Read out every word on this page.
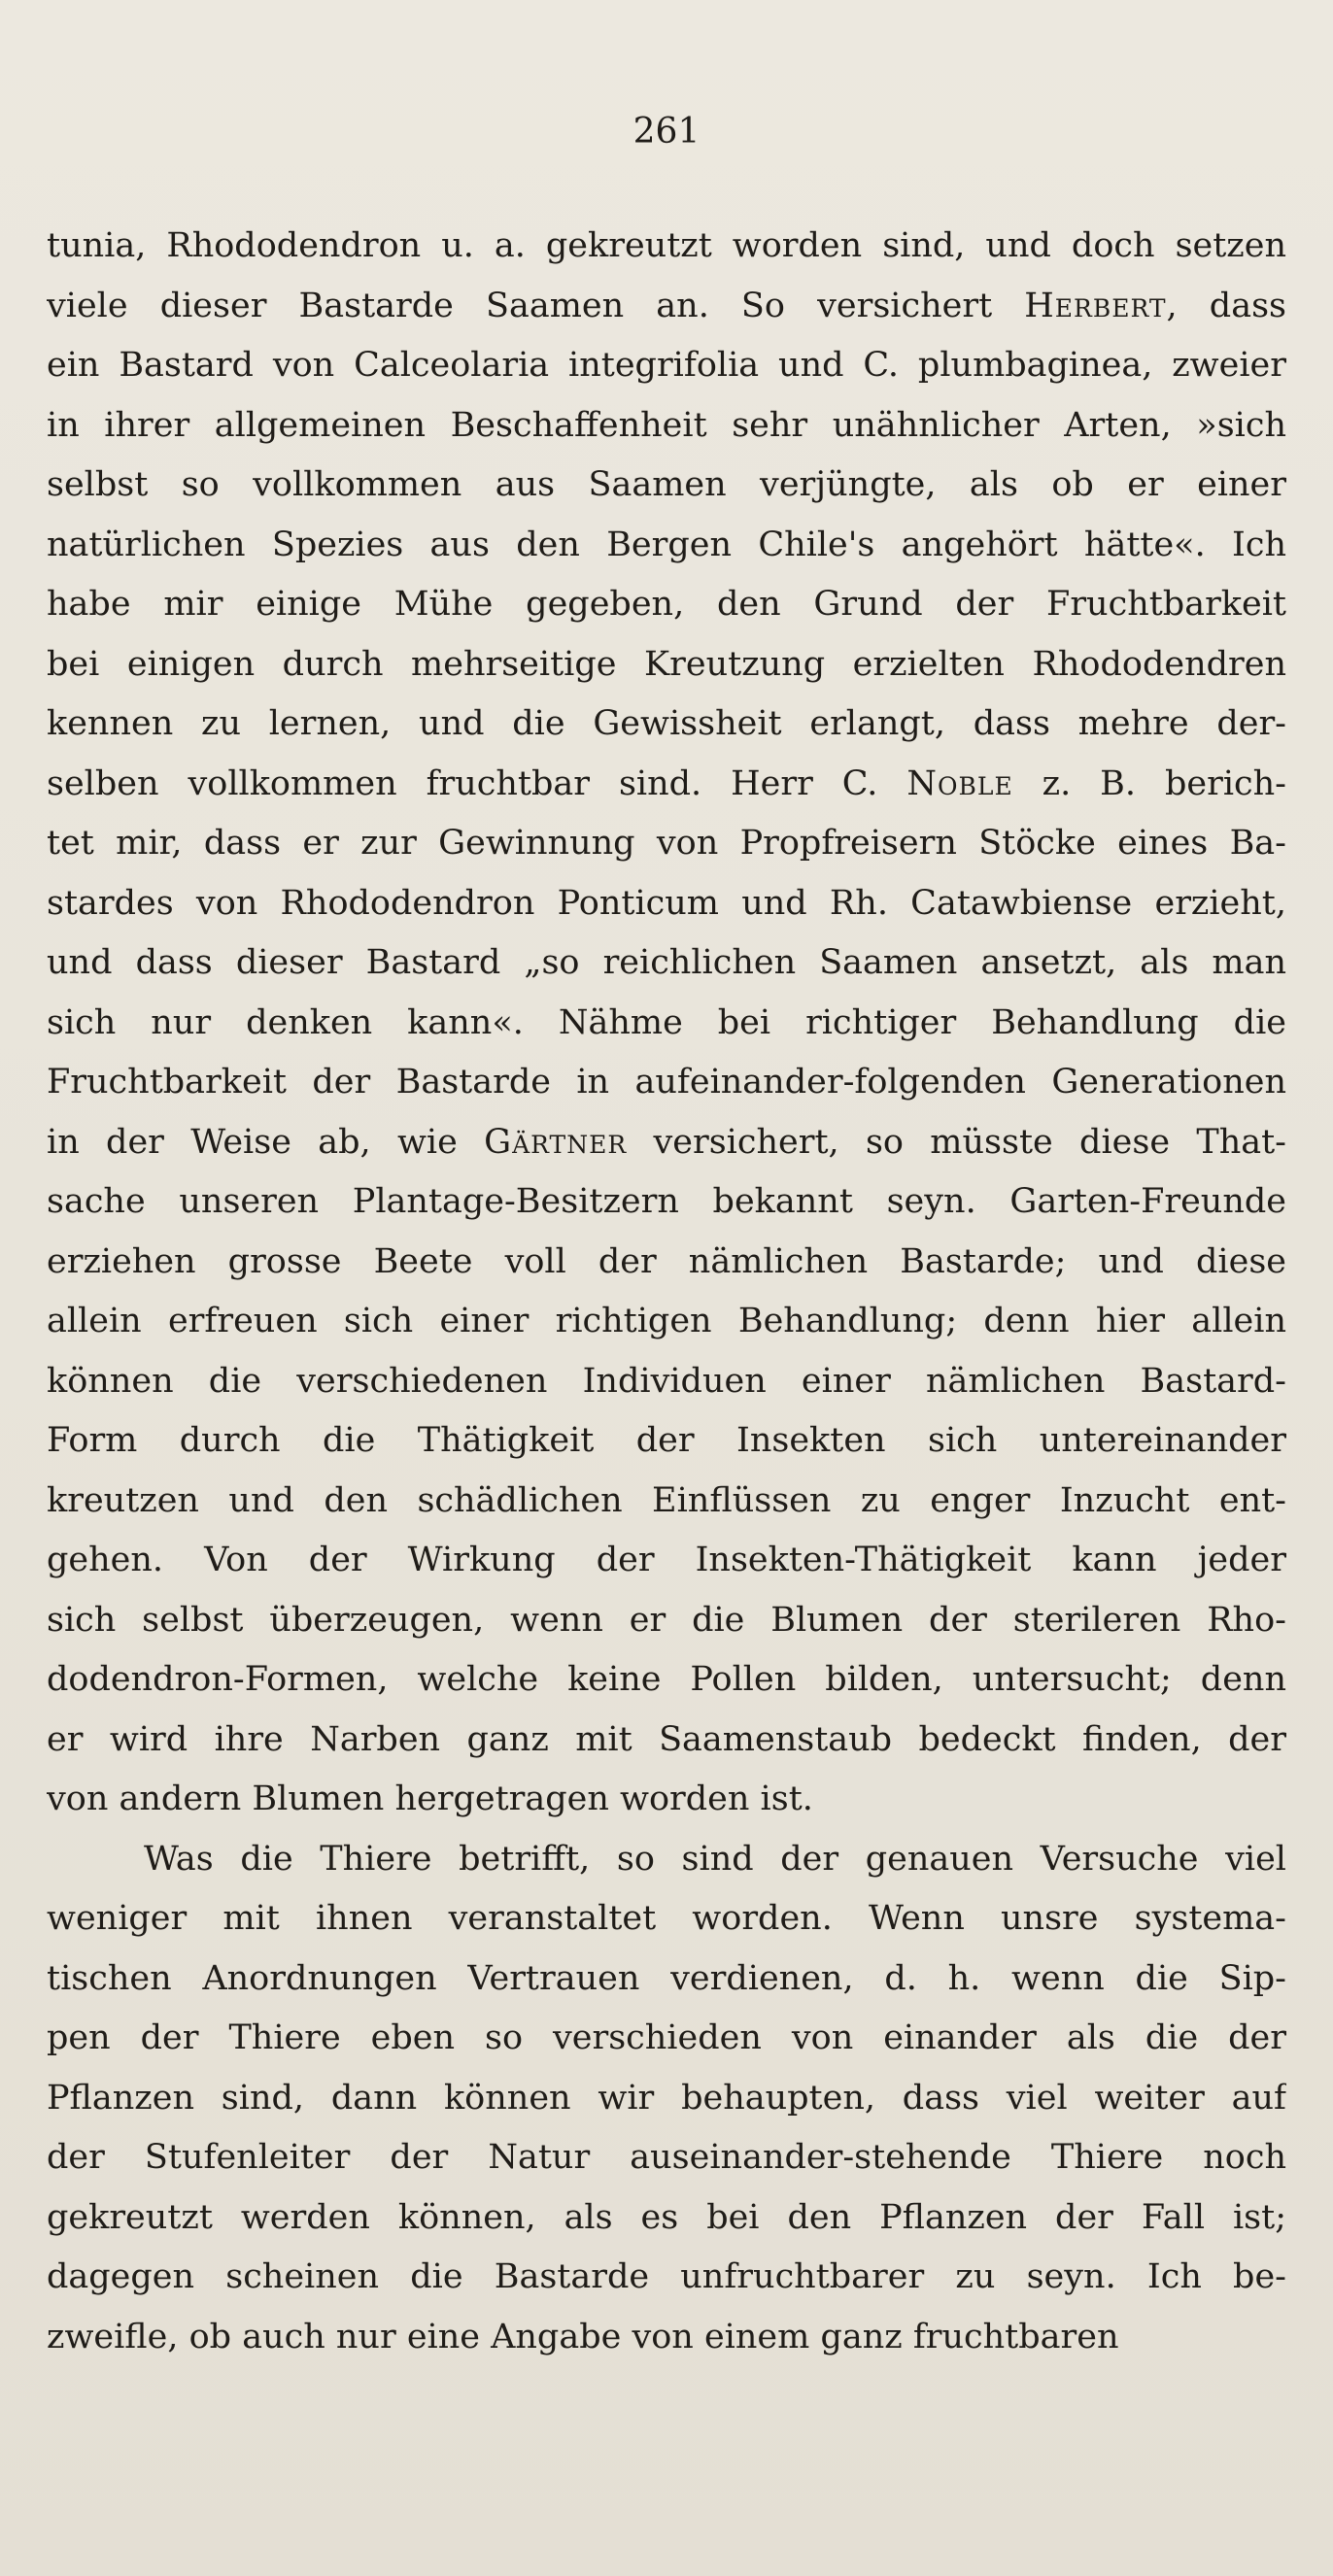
261
tunia, Rhododendron u. a. gekreutzt worden sind, und doch setzen
viele dieser Bastarde Saamen an. So versichert Herbert, dass
ein Bastard von Calceolaria integrifolia und C. plumbaginea, zweier
in ihrer allgemeinen Beschaffenheit sehr unähnlicher Arten, »sich
selbst so vollkommen aus Saamen verjüngte, als ob er einer
natürlichen Spezies aus den Bergen Chile's angehört hätte«. Ich
habe mir einige Mühe gegeben, den Grund der Fruchtbarkeit
bei einigen durch mehrseitige Kreutzung erzielten Rhododendren
kennen zu lernen, und die Gewissheit erlangt, dass mehre der-
selben vollkommen fruchtbar sind. Herr C. Noble z. B. berich-
tet mir, dass er zur Gewinnung von Propfreisern Stöcke eines Ba-
stardes von Rhododendron Ponticum und Rh. Catawbiense erzieht,
und dass dieser Bastard „so reichlichen Saamen ansetzt, als man
sich nur denken kann«. Nähme bei richtiger Behandlung die
Fruchtbarkeit der Bastarde in aufeinander-folgenden Generationen
in der Weise ab, wie Gärtner versichert, so müsste diese That-
sache unseren Plantage-Besitzern bekannt seyn. Garten-Freunde
erziehen grosse Beete voll der nämlichen Bastarde; und diese
allein erfreuen sich einer richtigen Behandlung; denn hier allein
können die verschiedenen Individuen einer nämlichen Bastard-
Form durch die Thätigkeit der Insekten sich untereinander
kreutzen und den schädlichen Einflüssen zu enger Inzucht ent-
gehen. Von der Wirkung der Insekten-Thätigkeit kann jeder
sich selbst überzeugen, wenn er die Blumen der sterileren Rho-
dodendron-Formen, welche keine Pollen bilden, untersucht; denn
er wird ihre Narben ganz mit Saamenstaub bedeckt finden, der
von andern Blumen hergetragen worden ist.
Was die Thiere betrifft, so sind der genauen Versuche viel
weniger mit ihnen veranstaltet worden. Wenn unsre systema-
tischen Anordnungen Vertrauen verdienen, d. h. wenn die Sip-
pen der Thiere eben so verschieden von einander als die der
Pflanzen sind, dann können wir behaupten, dass viel weiter auf
der Stufenleiter der Natur auseinander-stehende Thiere noch
gekreutzt werden können, als es bei den Pflanzen der Fall ist;
dagegen scheinen die Bastarde unfruchtbarer zu seyn. Ich be-
zweifle, ob auch nur eine Angabe von einem ganz fruchtbaren
